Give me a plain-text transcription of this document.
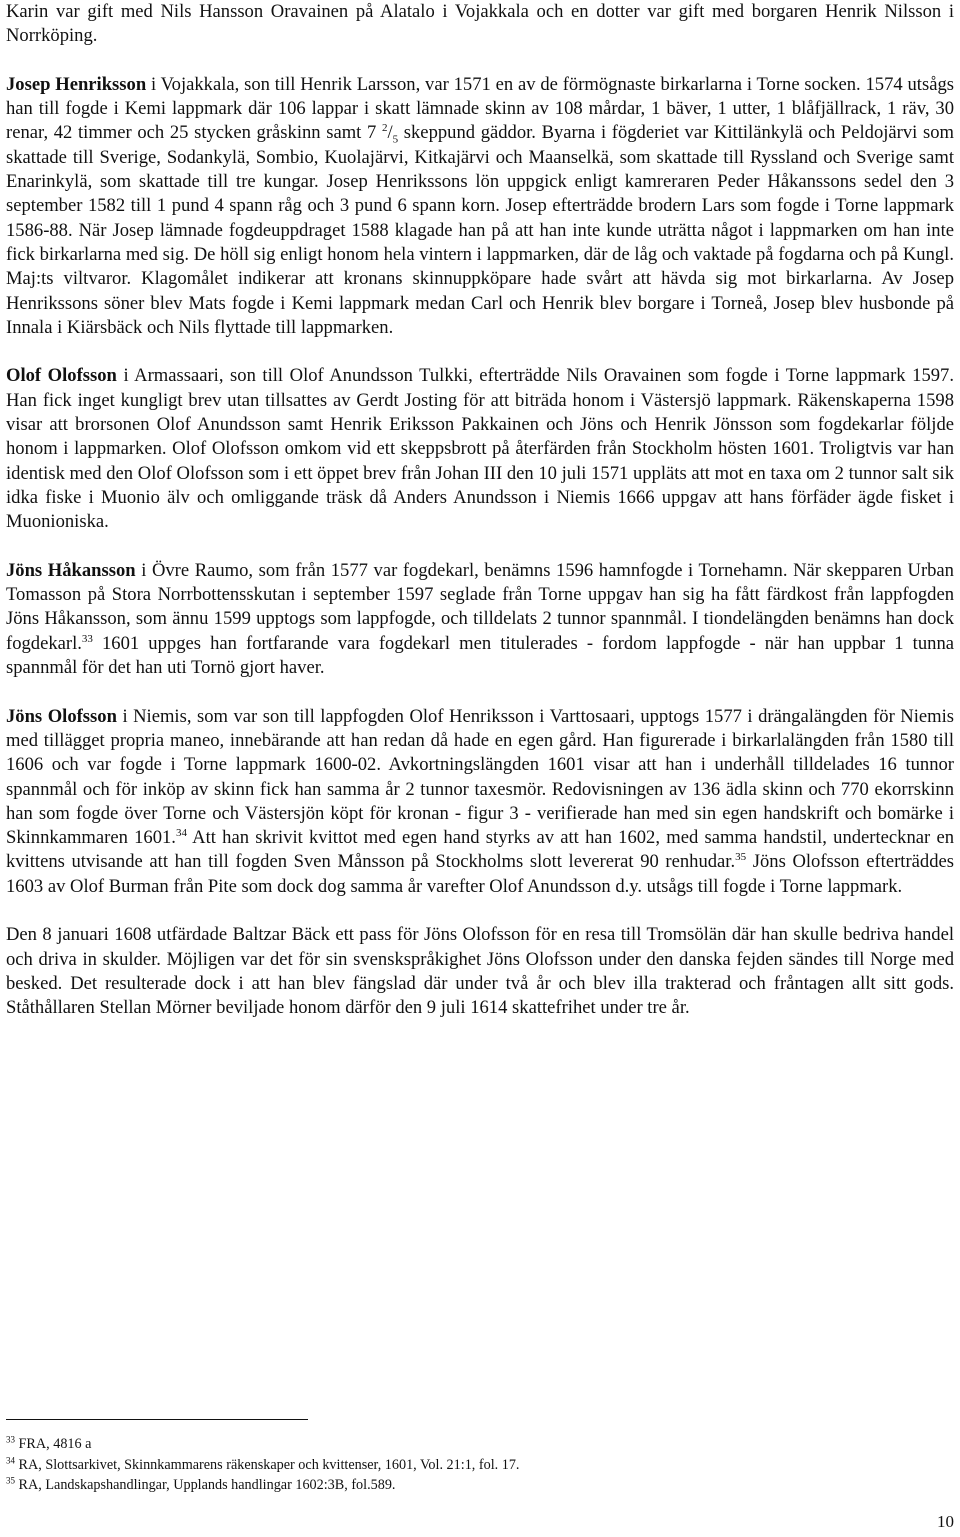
Karin var gift med Nils Hansson Oravainen på Alatalo i Vojakkala och en dotter var gift med borgaren Henrik Nilsson i Norrköping.

Josep Henriksson i Vojakkala, son till Henrik Larsson, var 1571 en av de förmögnaste birkarlarna i Torne socken. 1574 utsågs han till fogde i Kemi lappmark där 106 lappar i skatt lämnade skinn av 108 mårdar, 1 bäver, 1 utter, 1 blåfjällrack, 1 räv, 30 renar, 42 timmer och 25 stycken gråskinn samt 7 $^2/_5$ skeppund gäddor. Byarna i fögderiet var Kittilänkylä och Peldojärvi som skattade till Sverige, Sodankylä, Sombio, Kuolajärvi, Kitkajärvi och Maanselkä, som skattade till Ryssland och Sverige samt Enarinkylä, som skattade till tre kungar. Josep Henrikssons lön uppgick enligt kamreraren Peder Håkanssons sedel den 3 september 1582 till 1 pund 4 spann råg och 3 pund 6 spann korn. Josep efterträdde brodern Lars som fogde i Torne lappmark 1586-88. När Josep lämnade fogdeuppdraget 1588 klagade han på att han inte kunde uträtta något i lappmarken om han inte fick birkarlarna med sig. De höll sig enligt honom hela vintern i lappmarken, där de låg och vaktade på fogdarna och på Kungl. Maj:ts viltvaror. Klagomålet indikerar att kronans skinnuppköpare hade svårt att hävda sig mot birkarlarna. Av Josep Henrikssons söner blev Mats fogde i Kemi lappmark medan Carl och Henrik blev borgare i Torneå, Josep blev husbonde på Innala i Kiärsbäck och Nils flyttade till lappmarken.

Olof Olofsson i Armassaari, son till Olof Anundsson Tulkki, efterträdde Nils Oravainen som fogde i Torne lappmark 1597. Han fick inget kungligt brev utan tillsattes av Gerdt Josting för att biträda honom i Västersjö lappmark. Räkenskaperna 1598 visar att brorsonen Olof Anundsson samt Henrik Eriksson Pakkainen och Jöns och Henrik Jönsson som fogdekarlar följde honom i lappmarken. Olof Olofsson omkom vid ett skeppsbrott på återfärden från Stockholm hösten 1601. Troligtvis var han identisk med den Olof Olofsson som i ett öppet brev från Johan III den 10 juli 1571 uppläts att mot en taxa om 2 tunnor salt sik idka fiske i Muonio älv och omliggande träsk då Anders Anundsson i Niemis 1666 uppgav att hans förfäder ägde fisket i Muonioniska.

Jöns Håkansson i Övre Raumo, som från 1577 var fogdekarl, benämns 1596 hamnfogde i Tornehamn. När skepparen Urban Tomasson på Stora Norrbottensskutan i september 1597 seglade från Torne uppgav han sig ha fått färdkost från lappfogden Jöns Håkansson, som ännu 1599 upptogs som lappfogde, och tilldelats 2 tunnor spannmål. I tiondelängden benämns han dock fogdekarl.$^{33}$ 1601 uppges han fortfarande vara fogdekarl men titulerades - fordom lappfogde - när han uppbar 1 tunna spannmål för det han uti Tornö gjort haver.

Jöns Olofsson i Niemis, som var son till lappfogden Olof Henriksson i Varttosaari, upptogs 1577 i drängalängden för Niemis med tillägget propria maneo, innebärande att han redan då hade en egen gård. Han figurerade i birkarlalängden från 1580 till 1606 och var fogde i Torne lappmark 1600-02. Avkortningslängden 1601 visar att han i underhåll tilldelades 16 tunnor spannmål och för inköp av skinn fick han samma år 2 tunnor taxesmör. Redovisningen av 136 ädla skinn och 770 ekorrskinn han som fogde över Torne och Västersjön köpt för kronan - figur 3 - verifierade han med sin egen handskrift och bomärke i Skinnkammaren 1601.34 Att han skrivit kvittot med egen hand styrks av att han 1602, med samma handstil, undertecknar en kvittens utvisande att han till fogden Sven Månsson på Stockholms slott levererat 90 renhudar.$^{35}$ Jöns Olofsson efterträddes 1603 av Olof Burman från Pite som dock dog samma år varefter Olof Anundsson d.y. utsågs till fogde i Torne lappmark.

Den 8 januari 1608 utfärdade Baltzar Bäck ett pass för Jöns Olofsson för en resa till Tromsölän där han skulle bedriva handel och driva in skulder. Möjligen var det för sin svenskspråkighet Jöns Olofsson under den danska fejden sändes till Norge med besked. Det resulterade dock i att han blev fängslad där under två år och blev illa trakterad och fråntagen allt sitt gods. Ståthållaren Stellan Mörner beviljade honom därför den 9 juli 1614 skattefrihet under tre år.

$^{33}$ FRA, 4816 a

$^{34}$ RA, Slottsarkivet, Skinnkammarens räkenskaper och kvittenser, 1601, Vol. 21:1, fol. 17.

$^{35}$ RA, Landskapshandlingar, Upplands handlingar 1602:3B, fol.589.

10
